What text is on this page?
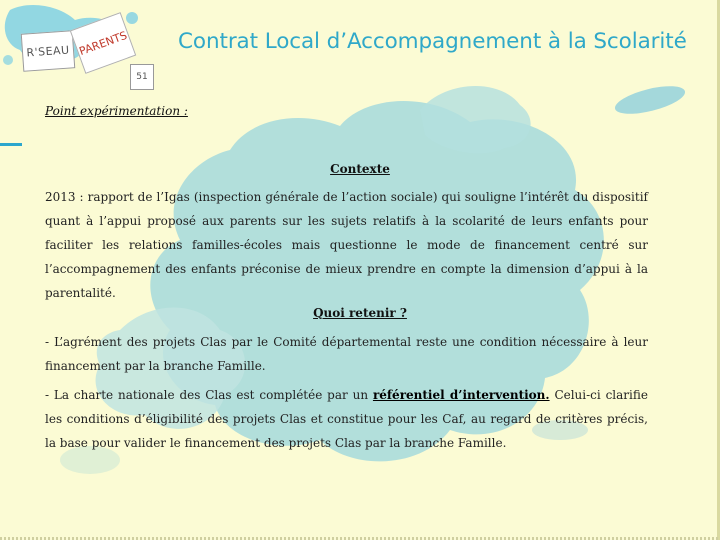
R'SEAU PARENTS
51
Contrat Local d’Accompagnement à la Scolarité
Point expérimentation :
Contexte

2013 : rapport de l’Igas (inspection générale de l’action sociale) qui souligne l’intérêt du dispositif quant à l’appui proposé aux parents sur les sujets relatifs à la scolarité de leurs enfants pour faciliter les relations familles-écoles mais questionne le mode de financement centré sur l’accompagnement des enfants préconise de mieux prendre en compte la dimension d’appui à la parentalité.

Quoi retenir ?

- L’agrément des projets Clas par le Comité départemental reste une condition nécessaire à leur financement par la branche Famille.

- La charte nationale des Clas est complétée par un référentiel d’intervention. Celui-ci clarifie les conditions d’éligibilité des projets Clas et constitue pour les Caf, au regard de critères précis, la base pour valider le financement des projets Clas par la branche Famille.
